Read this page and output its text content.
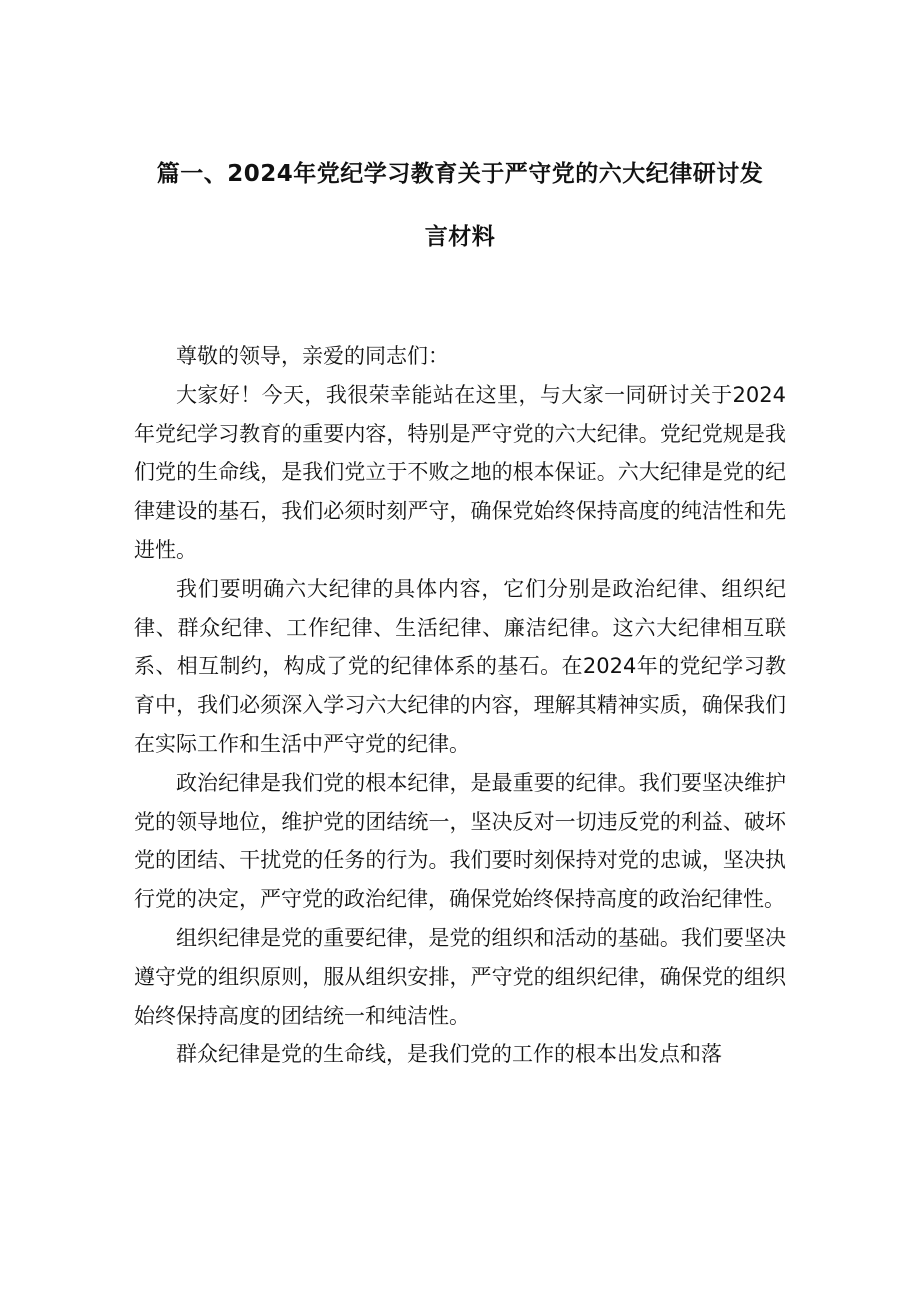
篇一、2024年党纪学习教育关于严守党的六大纪律研讨发
言材料

尊敬的领导，亲爱的同志们：

大家好！今天，我很荣幸能站在这里，与大家一同研讨关于2024年党纪学习教育的重要内容，特别是严守党的六大纪律。党纪党规是我们党的生命线，是我们党立于不败之地的根本保证。六大纪律是党的纪律建设的基石，我们必须时刻严守，确保党始终保持高度的纯洁性和先进性。

我们要明确六大纪律的具体内容，它们分别是政治纪律、组织纪律、群众纪律、工作纪律、生活纪律、廉洁纪律。这六大纪律相互联系、相互制约，构成了党的纪律体系的基石。在2024年的党纪学习教育中，我们必须深入学习六大纪律的内容，理解其精神实质，确保我们在实际工作和生活中严守党的纪律。

政治纪律是我们党的根本纪律，是最重要的纪律。我们要坚决维护党的领导地位，维护党的团结统一，坚决反对一切违反党的利益、破坏党的团结、干扰党的任务的行为。我们要时刻保持对党的忠诚，坚决执行党的决定，严守党的政治纪律，确保党始终保持高度的政治纪律性。

组织纪律是党的重要纪律，是党的组织和活动的基础。我们要坚决遵守党的组织原则，服从组织安排，严守党的组织纪律，确保党的组织始终保持高度的团结统一和纯洁性。

群众纪律是党的生命线，是我们党的工作的根本出发点和落
